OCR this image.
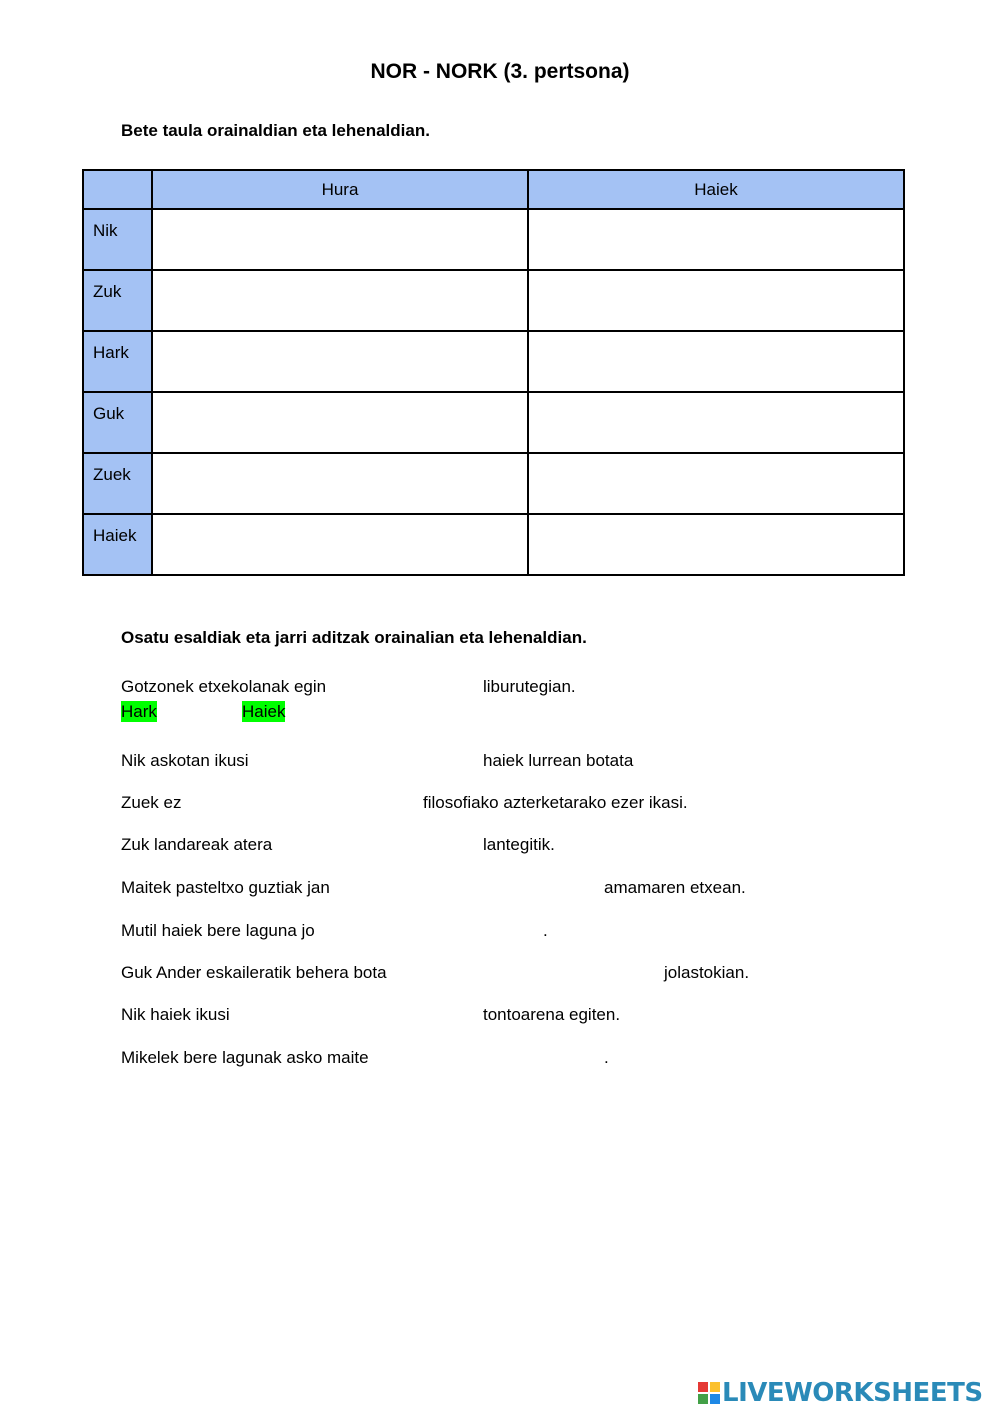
NOR - NORK (3. pertsona)
Bete taula orainaldian eta lehenaldian.
	Hura	Haiek
Nik		
Zuk		
Hark		
Guk		
Zuek		
Haiek		
Osatu esaldiak eta jarri aditzak orainalian eta lehenaldian.
Gotzonek etxekolanak egin	liburutegian.
Hark	Haiek
Nik askotan ikusi	haiek lurrean botata
Zuek ez	filosofiako azterketarako ezer ikasi.
Zuk landareak atera	lantegitik.
Maitek pasteltxo guztiak jan	amamaren etxean.
Mutil haiek bere laguna jo	.
Guk Ander eskaileratik behera bota	jolastokian.
Nik haiek ikusi	tontoarena egiten.
Mikelek bere lagunak asko maite	.
LIVEWORKSHEETS
